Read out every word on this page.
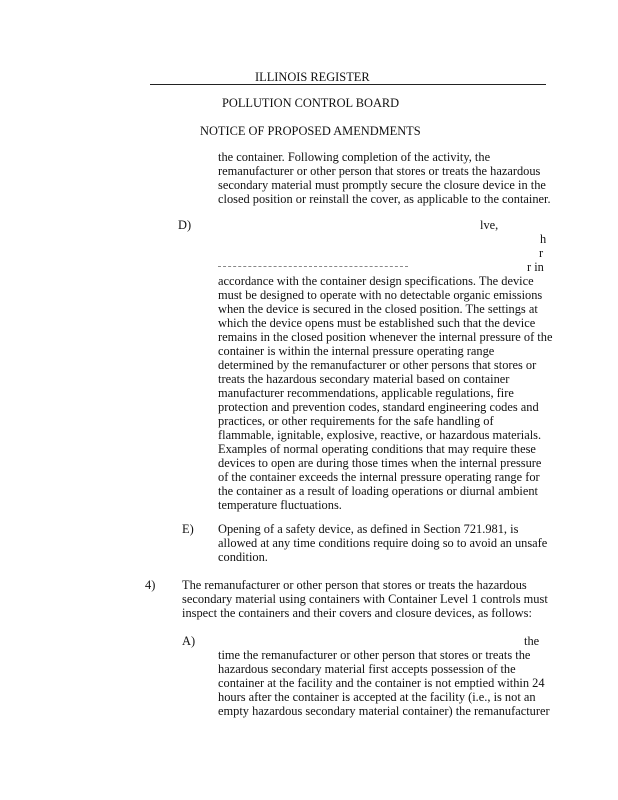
ILLINOIS REGISTER
POLLUTION CONTROL BOARD
NOTICE OF PROPOSED AMENDMENTS
the container. Following completion of the activity, the
remanufacturer or other person that stores or treats the hazardous
secondary material must promptly secure the closure device in the
closed position or reinstall the cover, as applicable to the container.
D)	lve,
h
r
r in
accordance with the container design specifications. The device
must be designed to operate with no detectable organic emissions
when the device is secured in the closed position. The settings at
which the device opens must be established such that the device
remains in the closed position whenever the internal pressure of the
container is within the internal pressure operating range
determined by the remanufacturer or other persons that stores or
treats the hazardous secondary material based on container
manufacturer recommendations, applicable regulations, fire
protection and prevention codes, standard engineering codes and
practices, or other requirements for the safe handling of
flammable, ignitable, explosive, reactive, or hazardous materials.
Examples of normal operating conditions that may require these
devices to open are during those times when the internal pressure
of the container exceeds the internal pressure operating range for
the container as a result of loading operations or diurnal ambient
temperature fluctuations.
E) Opening of a safety device, as defined in Section 721.981, is
allowed at any time conditions require doing so to avoid an unsafe
condition.
4) The remanufacturer or other person that stores or treats the hazardous
secondary material using containers with Container Level 1 controls must
inspect the containers and their covers and closure devices, as follows:
A)	the
time the remanufacturer or other person that stores or treats the
hazardous secondary material first accepts possession of the
container at the facility and the container is not emptied within 24
hours after the container is accepted at the facility (i.e., is not an
empty hazardous secondary material container) the remanufacturer
